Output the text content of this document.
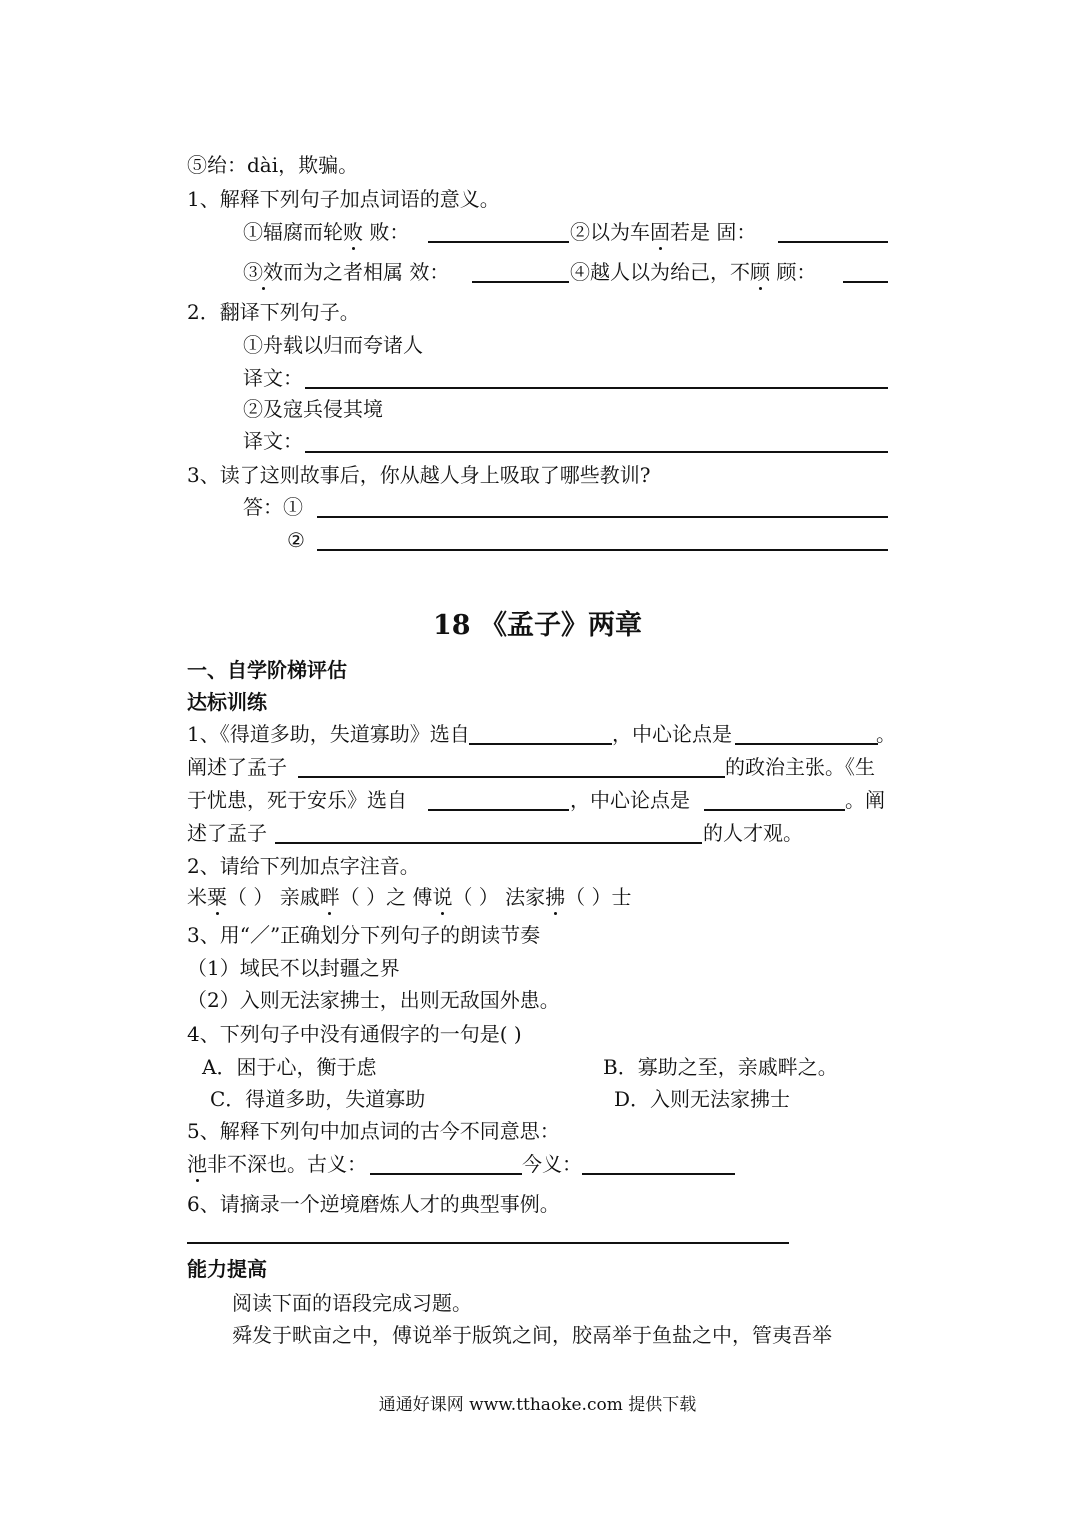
⑤绐：dài，欺骗。
1、解释下列句子加点词语的意义。
①辐腐而轮败 败：	②以为车固若是 固：
③效而为之者相属 效：	④越人以为绐己，不顾 顾：
2．翻译下列句子。
①舟载以归而夸诸人
译文：
②及寇兵侵其境
译文：
3、读了这则故事后，你从越人身上吸取了哪些教训?
答：①
②
18 《孟子》两章
一、自学阶梯评估
达标训练
1、《得道多助，失道寡助》选自	，中心论点是	。
阐述了孟子	的政治主张。《生
于忧患，死于安乐》选自	，中心论点是	。阐
述了孟子	的人才观。
2、请给下列加点字注音。
米粟（ ） 亲戚畔（ ）之 傅说（ ） 法家拂（ ）士
3、用“／”正确划分下列句子的朗读节奏
（1）域民不以封疆之界
（2）入则无法家拂士，出则无敌国外患。
4、下列句子中没有通假字的一句是( )
A．困于心，衡于虑	B．寡助之至，亲戚畔之。
C．得道多助，失道寡助	D．入则无法家拂士
5、解释下列句中加点词的古今不同意思：
池非不深也。古义：	今义：
6、请摘录一个逆境磨炼人才的典型事例。
能力提高
阅读下面的语段完成习题。
舜发于畎亩之中，傅说举于版筑之间，胶鬲举于鱼盐之中，管夷吾举
通通好课网 www.tthaoke.com 提供下载
